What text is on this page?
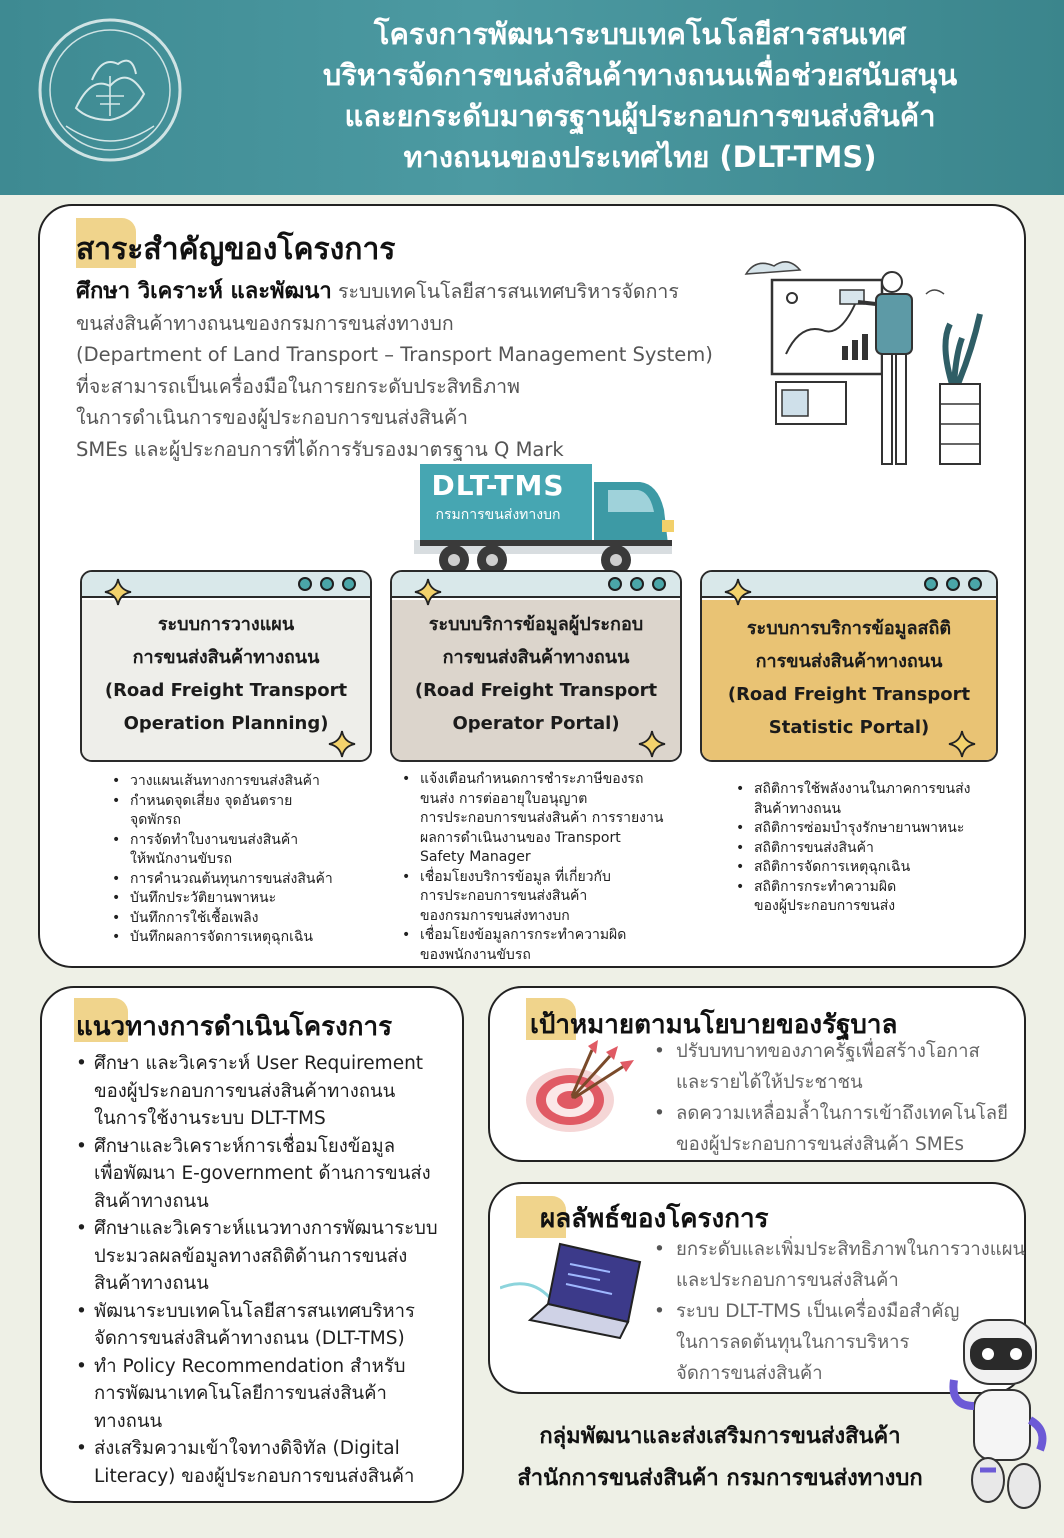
โครงการพัฒนาระบบเทคโนโลยีสารสนเทศ
บริหารจัดการขนส่งสินค้าทางถนนเพื่อช่วยสนับสนุน
และยกระดับมาตรฐานผู้ประกอบการขนส่งสินค้า
ทางถนนของประเทศไทย (DLT-TMS)
สาระสำคัญของโครงการ
ศึกษา วิเคราะห์ และพัฒนา ระบบเทคโนโลยีสารสนเทศบริหารจัดการ
ขนส่งสินค้าทางถนนของกรมการขนส่งทางบก
(Department of Land Transport – Transport Management System)
ที่จะสามารถเป็นเครื่องมือในการยกระดับประสิทธิภาพ
ในการดำเนินการของผู้ประกอบการขนส่งสินค้า
SMEs และผู้ประกอบการที่ได้การรับรองมาตรฐาน Q Mark
DLT-TMS
กรมการขนส่งทางบก
ระบบการวางแผน
การขนส่งสินค้าทางถนน
(Road Freight Transport
Operation Planning)
ระบบบริการข้อมูลผู้ประกอบ
การขนส่งสินค้าทางถนน
(Road Freight Transport
Operator Portal)
ระบบการบริการข้อมูลสถิติ
การขนส่งสินค้าทางถนน
(Road Freight Transport
Statistic Portal)
• วางแผนเส้นทางการขนส่งสินค้า
• กำหนดจุดเสี่ยง จุดอันตราย
จุดพักรถ
• การจัดทำใบงานขนส่งสินค้า
ให้พนักงานขับรถ
• การคำนวณต้นทุนการขนส่งสินค้า
• บันทึกประวัติยานพาหนะ
• บันทึกการใช้เชื้อเพลิง
• บันทึกผลการจัดการเหตุฉุกเฉิน
• แจ้งเตือนกำหนดการชำระภาษีของรถ
ขนส่ง การต่ออายุใบอนุญาต
การประกอบการขนส่งสินค้า การรายงาน
ผลการดำเนินงานของ Transport
Safety Manager
• เชื่อมโยงบริการข้อมูล ที่เกี่ยวกับ
การประกอบการขนส่งสินค้า
ของกรมการขนส่งทางบก
• เชื่อมโยงข้อมูลการกระทำความผิด
ของพนักงานขับรถ
• สถิติการใช้พลังงานในภาคการขนส่ง
สินค้าทางถนน
• สถิติการซ่อมบำรุงรักษายานพาหนะ
• สถิติการขนส่งสินค้า
• สถิติการจัดการเหตุฉุกเฉิน
• สถิติการกระทำความผิด
ของผู้ประกอบการขนส่ง
แนวทางการดำเนินโครงการ
• ศึกษา และวิเคราะห์ User Requirement
ของผู้ประกอบการขนส่งสินค้าทางถนน
ในการใช้งานระบบ DLT-TMS
• ศึกษาและวิเคราะห์การเชื่อมโยงข้อมูล
เพื่อพัฒนา E-government ด้านการขนส่ง
สินค้าทางถนน
• ศึกษาและวิเคราะห์แนวทางการพัฒนาระบบ
ประมวลผลข้อมูลทางสถิติด้านการขนส่ง
สินค้าทางถนน
• พัฒนาระบบเทคโนโลยีสารสนเทศบริหาร
จัดการขนส่งสินค้าทางถนน (DLT-TMS)
• ทำ Policy Recommendation สำหรับ
การพัฒนาเทคโนโลยีการขนส่งสินค้า
ทางถนน
• ส่งเสริมความเข้าใจทางดิจิทัล (Digital
Literacy) ของผู้ประกอบการขนส่งสินค้า
เป้าหมายตามนโยบายของรัฐบาล
• ปรับบทบาทของภาครัฐเพื่อสร้างโอกาส
และรายได้ให้ประชาชน
• ลดความเหลื่อมล้ำในการเข้าถึงเทคโนโลยี
ของผู้ประกอบการขนส่งสินค้า SMEs
ผลลัพธ์ของโครงการ
• ยกระดับและเพิ่มประสิทธิภาพในการวางแผน
และประกอบการขนส่งสินค้า
• ระบบ DLT-TMS เป็นเครื่องมือสำคัญ
ในการลดต้นทุนในการบริหาร
จัดการขนส่งสินค้า
กลุ่มพัฒนาและส่งเสริมการขนส่งสินค้า
สำนักการขนส่งสินค้า กรมการขนส่งทางบก
